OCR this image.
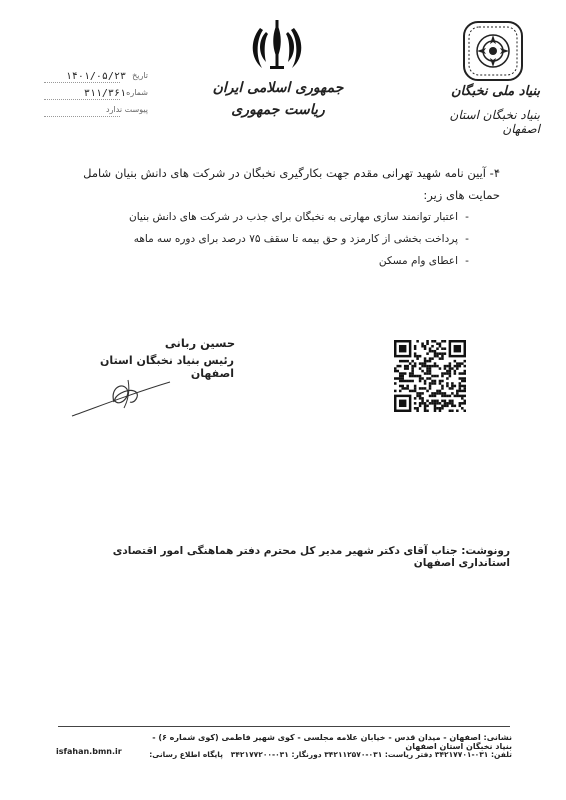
جمهوری اسلامی ایران
ریاست جمهوری
بنیاد ملی نخبگان
بنیاد نخبگان استان اصفهان
۱۴۰۱/۰۵/۲۳ تاریخ
۳۱۱/۳۶۱ شماره
پیوست ندارد
۴- آیین نامه شهید تهرانی مقدم جهت بکارگیری نخبگان در شرکت های دانش بنیان شامل حمایت های زیر:
-اعتبار توانمند سازی مهارتی به نخبگان برای جذب در شرکت های دانش بنیان
-پرداخت بخشی از کارمزد و حق بیمه تا سقف ۷۵ درصد برای دوره سه ماهه
-اعطای وام مسکن
حسین ربانی
رئیس بنیاد نخبگان استان اصفهان
رونوشت: جناب آقای دکتر شهیر مدیر کل محترم دفتر هماهنگی امور اقتصادی استانداری اصفهان
نشانی: اصفهان - میدان قدس - خیابان علامه مجلسی - کوی شهیر فاطمی (کوی شماره ۶) - بنیاد نخبگان استان اصفهان
تلفن: ۰۳۱-۳۴۲۱۷۷۰۱ دفتر ریاست: ۰۳۱-۳۴۲۱۱۲۵۷۰ دورنگار: ۰۳۱-۳۴۲۱۷۷۲۰۰   پایگاه اطلاع رسانی:
isfahan.bmn.ir
